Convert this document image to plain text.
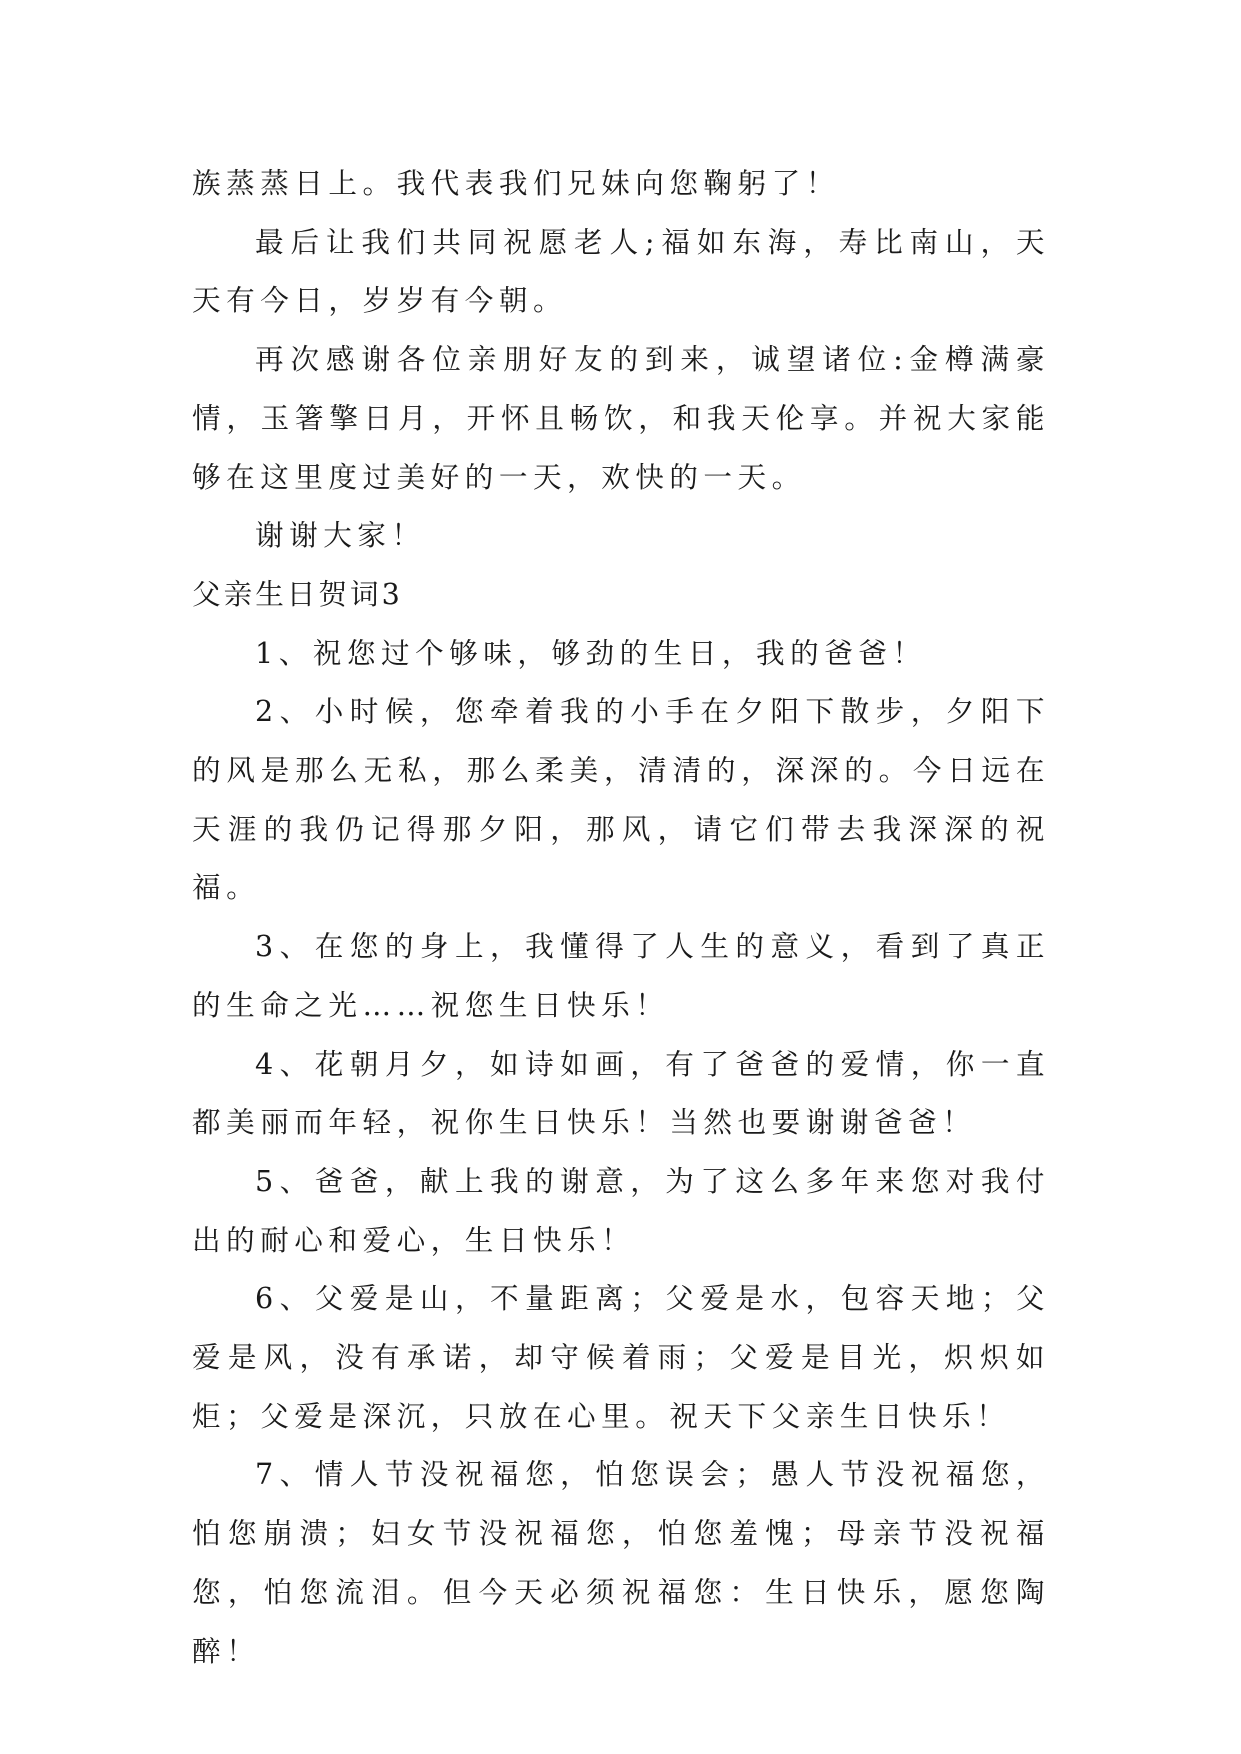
族蒸蒸日上。我代表我们兄妹向您鞠躬了！

最后让我们共同祝愿老人;福如东海，寿比南山，天天有今日，岁岁有今朝。

再次感谢各位亲朋好友的到来，诚望诸位:金樽满豪情，玉箸擎日月，开怀且畅饮，和我天伦享。并祝大家能够在这里度过美好的一天，欢快的一天。

谢谢大家！

父亲生日贺词3

1、祝您过个够味，够劲的生日，我的爸爸！

2、小时候，您牵着我的小手在夕阳下散步，夕阳下的风是那么无私，那么柔美，清清的，深深的。今日远在天涯的我仍记得那夕阳，那风，请它们带去我深深的祝福。

3、在您的身上，我懂得了人生的意义，看到了真正的生命之光……祝您生日快乐！

4、花朝月夕，如诗如画，有了爸爸的爱情，你一直都美丽而年轻，祝你生日快乐！当然也要谢谢爸爸！

5、爸爸，献上我的谢意，为了这么多年来您对我付出的耐心和爱心，生日快乐！

6、父爱是山，不量距离；父爱是水，包容天地；父爱是风，没有承诺，却守候着雨；父爱是目光，炽炽如炬；父爱是深沉，只放在心里。祝天下父亲生日快乐！

7、情人节没祝福您，怕您误会；愚人节没祝福您，怕您崩溃；妇女节没祝福您，怕您羞愧；母亲节没祝福您，怕您流泪。但今天必须祝福您：生日快乐，愿您陶醉！
